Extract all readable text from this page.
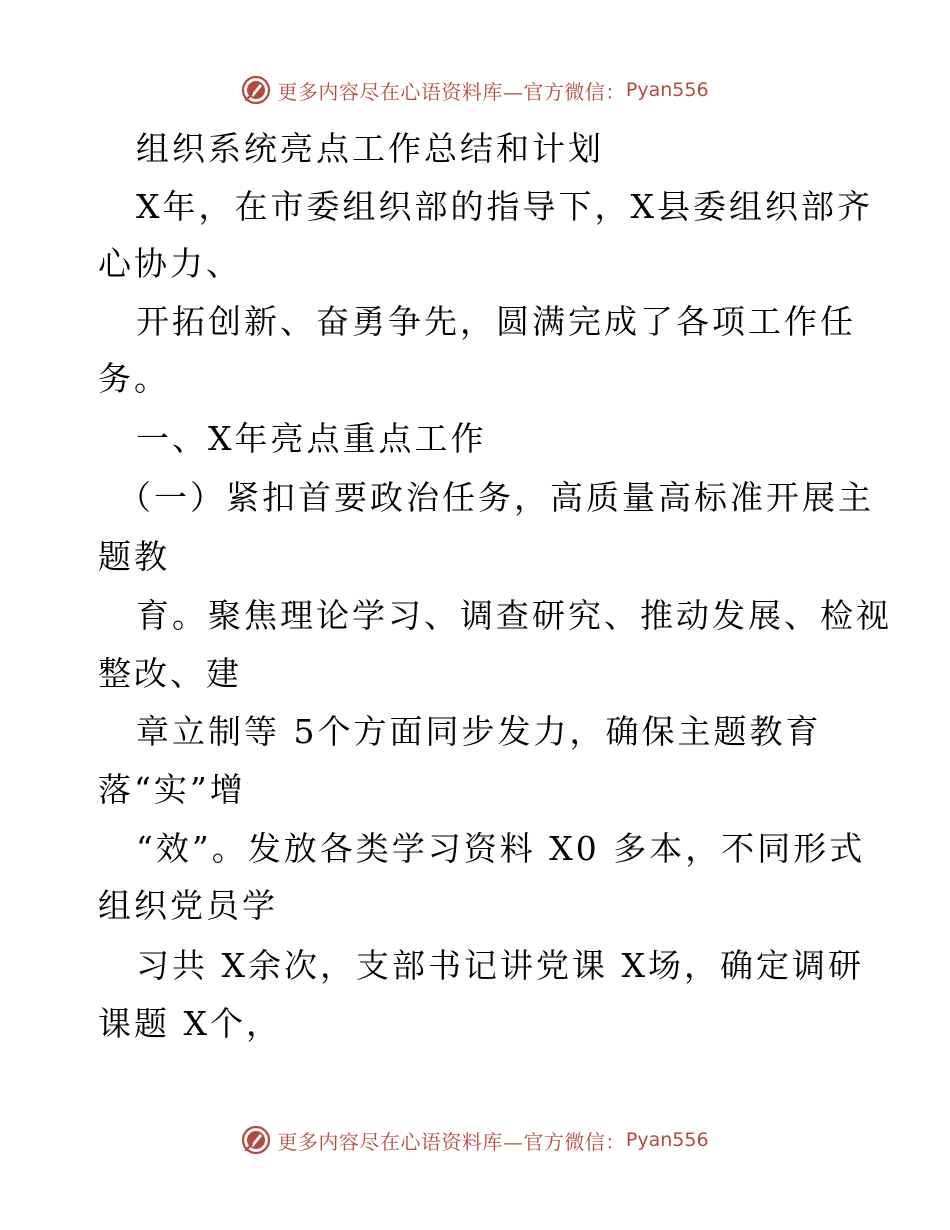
更多内容尽在心语资料库—官方微信： Pyan556
组织系统亮点工作总结和计划
X年，在市委组织部的指导下，X县委组织部齐
心协力、
开拓创新、奋勇争先，圆满完成了各项工作任
务。
一、X年亮点重点工作
（一）紧扣首要政治任务，高质量高标准开展主
题教
育。聚焦理论学习、调查研究、推动发展、检视
整改、建
章立制等 5个方面同步发力，确保主题教育
落“实”增
“效”。发放各类学习资料 X0 多本，不同形式
组织党员学
习共 X余次，支部书记讲党课 X场，确定调研
课题 X个，
更多内容尽在心语资料库—官方微信： Pyan556
